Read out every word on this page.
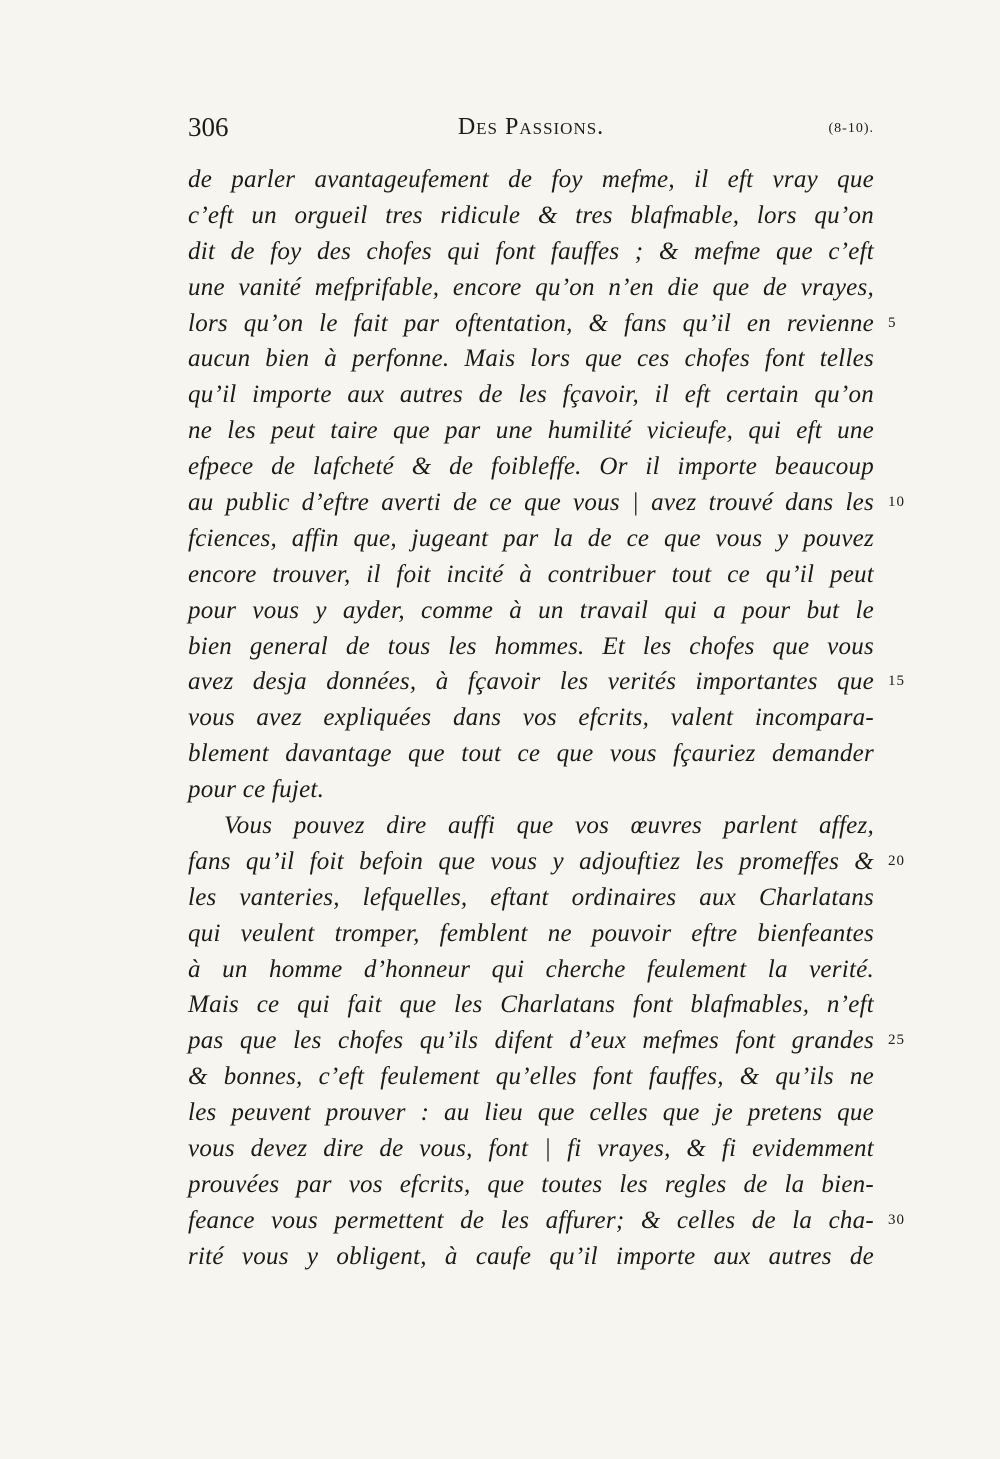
306	Des Passions.	(8-10).
de parler avantageufement de foy mefme, il eft vray que
c’eft un orgueil tres ridicule & tres blafmable, lors qu’on
dit de foy des chofes qui font fauffes ; & mefme que c’eft
une vanité mefprifable, encore qu’on n’en die que de vrayes,
lors qu’on le fait par oftentation, & fans qu’il en revienne 5
aucun bien à perfonne. Mais lors que ces chofes font telles
qu’il importe aux autres de les fçavoir, il eft certain qu’on
ne les peut taire que par une humilité vicieufe, qui eft une
efpece de lafcheté & de foibleffe. Or il importe beaucoup
au public d’eftre averti de ce que vous | avez trouvé dans les 10
fciences, affin que, jugeant par la de ce que vous y pouvez
encore trouver, il foit incité à contribuer tout ce qu’il peut
pour vous y ayder, comme à un travail qui a pour but le
bien general de tous les hommes. Et les chofes que vous
avez desja données, à fçavoir les verités importantes que 15
vous avez expliquées dans vos efcrits, valent incompara-
blement davantage que tout ce que vous fçauriez demander
pour ce fujet.
Vous pouvez dire auffi que vos œuvres parlent affez,
fans qu’il foit befoin que vous y adjouftiez les promeffes & 20
les vanteries, lefquelles, eftant ordinaires aux Charlatans
qui veulent tromper, femblent ne pouvoir eftre bienfeantes
à un homme d’honneur qui cherche feulement la verité.
Mais ce qui fait que les Charlatans font blafmables, n’eft
pas que les chofes qu’ils difent d’eux mefmes font grandes 25
& bonnes, c’eft feulement qu’elles font fauffes, & qu’ils ne
les peuvent prouver : au lieu que celles que je pretens que
vous devez dire de vous, font | fi vrayes, & fi evidemment
prouvées par vos efcrits, que toutes les regles de la bien-
feance vous permettent de les affurer; & celles de la cha- 30
rité vous y obligent, à caufe qu’il importe aux autres de
